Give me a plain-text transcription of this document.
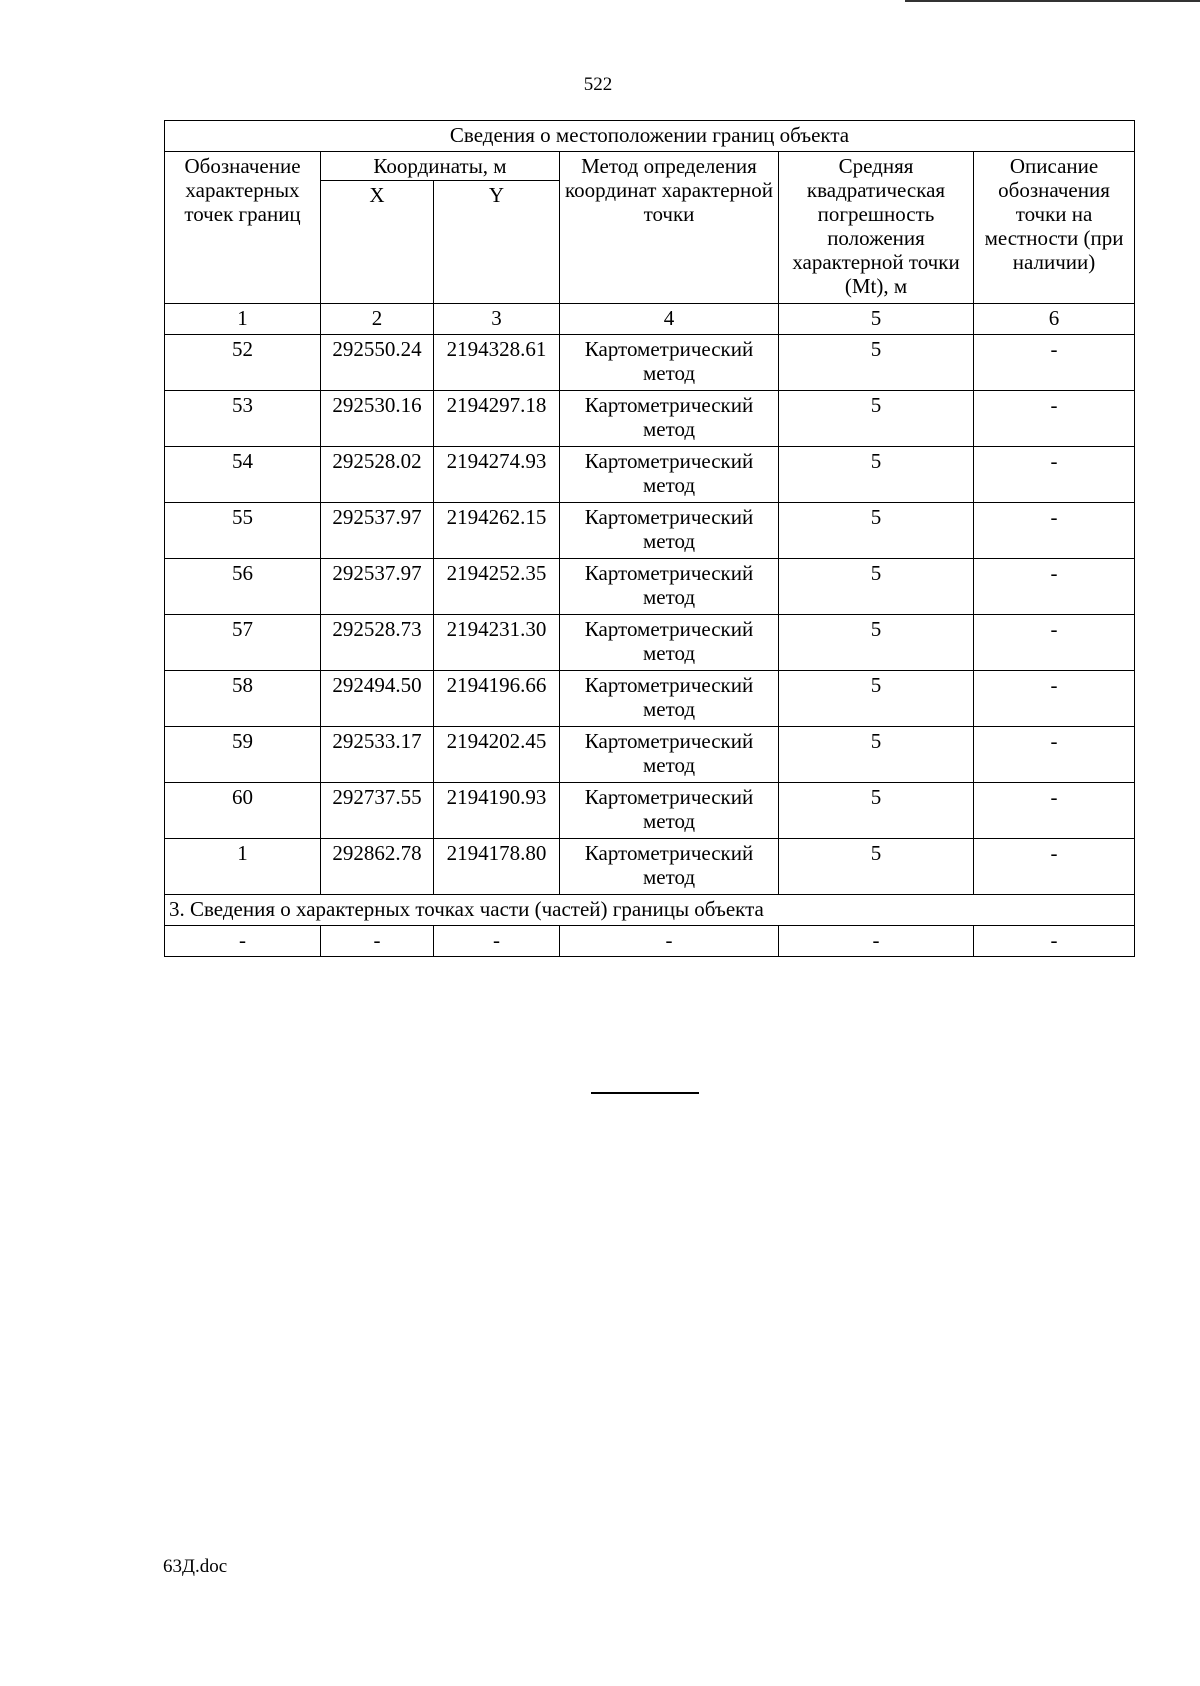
522
Сведения о местоположении границ объекта					
Обозначение характерных точек границ	Координаты, м		Метод определения координат характерной точки	Средняя квадратическая погрешность положения характерной точки (Mt), м	Описание обозначения точки на местности (при наличии)
	X	Y			
1	2	3	4	5	6
52	292550.24	2194328.61	Картометрический метод	5	-
53	292530.16	2194297.18	Картометрический метод	5	-
54	292528.02	2194274.93	Картометрический метод	5	-
55	292537.97	2194262.15	Картометрический метод	5	-
56	292537.97	2194252.35	Картометрический метод	5	-
57	292528.73	2194231.30	Картометрический метод	5	-
58	292494.50	2194196.66	Картометрический метод	5	-
59	292533.17	2194202.45	Картометрический метод	5	-
60	292737.55	2194190.93	Картометрический метод	5	-
1	292862.78	2194178.80	Картометрический метод	5	-
3. Сведения о характерных точках части (частей) границы объекта					
-	-	-	-	-	-
63Д.doc
